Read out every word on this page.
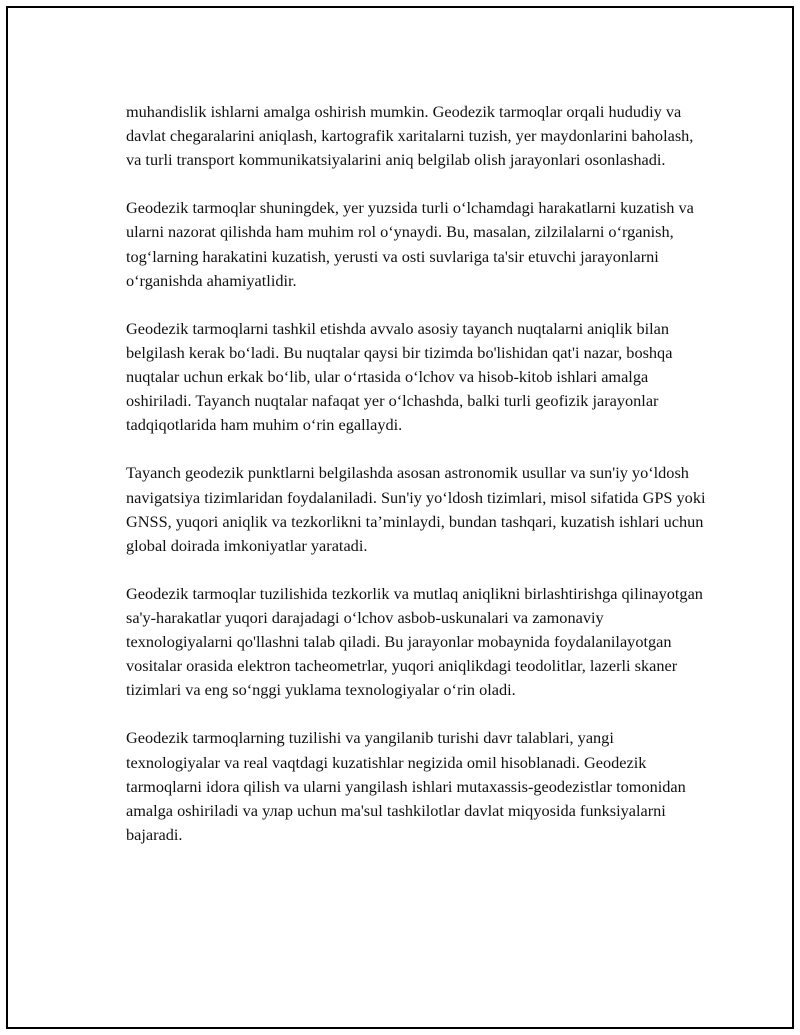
muhandislik ishlarni amalga oshirish mumkin. Geodezik tarmoqlar orqali hududiy va davlat chegaralarini aniqlash, kartografik xaritalarni tuzish, yer maydonlarini baholash, va turli transport kommunikatsiyalarini aniq belgilab olish jarayonlari osonlashadi.

Geodezik tarmoqlar shuningdek, yer yuzsida turli oʻlchamdagi harakatlarni kuzatish va ularni nazorat qilishda ham muhim rol oʻynaydi. Bu, masalan, zilzilalarni oʻrganish, togʻlarning harakatini kuzatish, yerusti va osti suvlariga ta'sir etuvchi jarayonlarni oʻrganishda ahamiyatlidir.

Geodezik tarmoqlarni tashkil etishda avvalo asosiy tayanch nuqtalarni aniqlik bilan belgilash kerak boʻladi. Bu nuqtalar qaysi bir tizimda bo'lishidan qat'i nazar, boshqa nuqtalar uchun erkak boʻlib, ular oʻrtasida oʻlchov va hisob-kitob ishlari amalga oshiriladi. Tayanch nuqtalar nafaqat yer oʻlchashda, balki turli geofizik jarayonlar tadqiqotlarida ham muhim oʻrin egallaydi.

Tayanch geodezik punktlarni belgilashda asosan astronomik usullar va sun'iy yoʻldosh navigatsiya tizimlaridan foydalaniladi. Sun'iy yoʻldosh tizimlari, misol sifatida GPS yoki GNSS, yuqori aniqlik va tezkorlikni ta’minlaydi, bundan tashqari, kuzatish ishlari uchun global doirada imkoniyatlar yaratadi.

Geodezik tarmoqlar tuzilishida tezkorlik va mutlaq aniqlikni birlashtirishga qilinayotgan sa'y-harakatlar yuqori darajadagi oʻlchov asbob-uskunalari va zamonaviy texnologiyalarni qo'llashni talab qiladi. Bu jarayonlar mobaynida foydalanilayotgan vositalar orasida elektron tacheometrlar, yuqori aniqlikdagi teodolitlar, lazerli skaner tizimlari va eng soʻnggi yuklama texnologiyalar oʻrin oladi.

Geodezik tarmoqlarning tuzilishi va yangilanib turishi davr talablari, yangi texnologiyalar va real vaqtdagi kuzatishlar negizida omil hisoblanadi. Geodezik tarmoqlarni idora qilish va ularni yangilash ishlari mutaxassis-geodezistlar tomonidan amalga oshiriladi va улар uchun ma'sul tashkilotlar davlat miqyosida funksiyalarni bajaradi.
